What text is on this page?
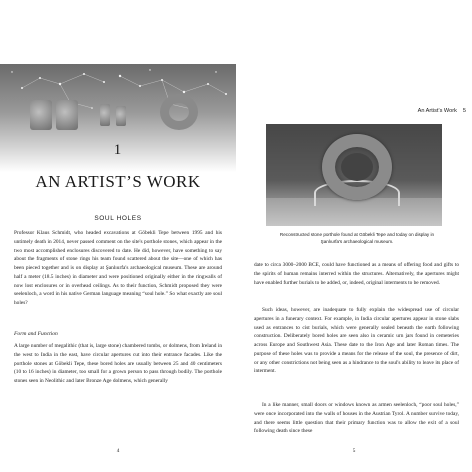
1
AN ARTIST’S WORK
SOUL HOLES

Professor Klaus Schmidt, who headed excavations at Göbekli Tepe between 1995 and his untimely death in 2014, never passed comment on the site's porthole stones, which appear in the two most accomplished enclosures discovered to date. He did, however, have something to say about the fragments of stone rings his team found scattered about the site—one of which has been pieced together and is on display at Şanlıurfa's archaeological museum. These are around half a meter (18.5 inches) in diameter and were positioned originally either in the ringwalls of now lost enclosures or in overhead ceilings. As to their function, Schmidt proposed they were seelenloch, a word in his native German language meaning “soul hole.” So what exactly are soul holes?

Form and Function

A large number of megalithic (that is, large stone) chambered tombs, or dolmens, from Ireland in the west to India in the east, have circular apertures cut into their entrance facades. Like the porthole stones at Göbekli Tepe, these bored holes are usually between 25 and 40 centimeters (10 to 16 inches) in diameter, too small for a grown person to pass through bodily. The porthole stones seen in Neolithic and later Bronze Age dolmens, which generally

4
An Artist’s Work 5
Reconstructed stone porthole found at Göbekli Tepe and today on display in Şanlıurfa's archaeological museum.

date to circa 3000–2000 BCE, could have functioned as a means of offering food and gifts to the spirits of human remains interred within the structures. Alternatively, the apertures might have enabled further burials to be added, or, indeed, original interments to be removed.

Such ideas, however, are inadequate to fully explain the widespread use of circular apertures in a funerary context. For example, in India circular apertures appear in stone slabs used as entrances to cist burials, which were generally sealed beneath the earth following construction. Deliberately bored holes are seen also in ceramic urn jars found in cemeteries across Europe and Southwest Asia. These date to the Iron Age and later Roman times. The purpose of these holes was to provide a means for the release of the soul, the presence of dirt, or any other constrictions not being seen as a hindrance to the soul's ability to leave its place of interment.

In a like manner, small doors or windows known as armen seelenloch, “poor soul holes,” were once incorporated into the walls of houses in the Austrian Tyrol. A number survive today, and there seems little question that their primary function was to allow the exit of a soul following death since these

5
